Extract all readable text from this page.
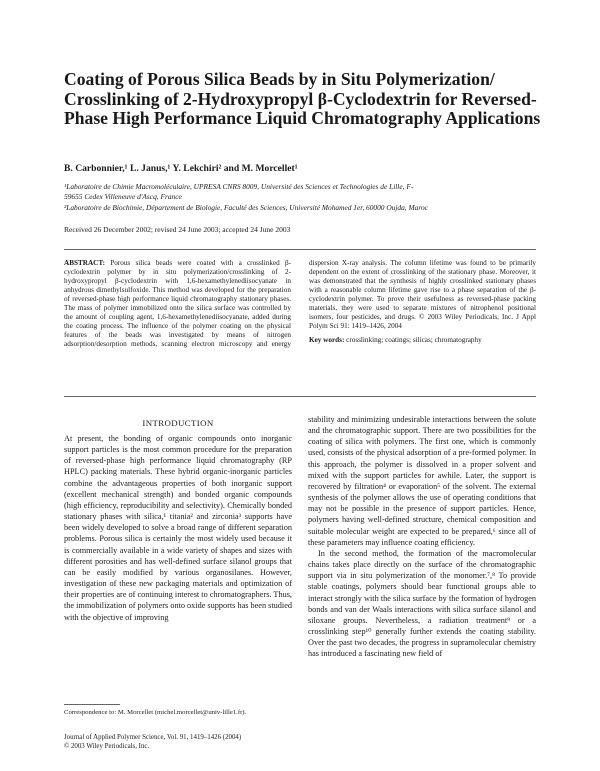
Coating of Porous Silica Beads by in Situ Polymerization/ Crosslinking of 2-Hydroxypropyl β-Cyclodextrin for Reversed-Phase High Performance Liquid Chromatography Applications
B. Carbonnier,¹ L. Janus,¹ Y. Lekchiri² and M. Morcellet¹
¹Laboratoire de Chimie Macromoléculaire, UPRESA CNRS 8009, Université des Sciences et Technologies de Lille, F-
59655 Cedex Villeneuve d'Ascq, France
²Laboratoire de Biochimie, Département de Biologie, Faculté des Sciences, Université Mohamed 1er, 60000 Oujda, Maroc
Received 26 December 2002; revised 24 June 2003; accepted 24 June 2003

ABSTRACT: Porous silica beads were coated with a crosslinked β-cyclodextrin polymer by in situ polymerization/crosslinking of 2-hydroxypropyl β-cyclodextrin with 1,6-hexamethylenediisocyanate in anhydrous dimethylsulfoxide. This method was developed for the preparation of reversed-phase high performance liquid chromatography stationary phases. The mass of polymer immobilized onto the silica surface was controlled by the amount of coupling agent, 1,6-hexamethylenediisocyanate, added during the coating process. The influence of the polymer coating on the physical features of the beads was investigated by means of nitrogen adsorption/desorption methods, scanning electron microscopy and energy dispersion X-ray analysis. The column lifetime was found to be primarily dependent on the extent of crosslinking of the stationary phase. Moreover, it was demonstrated that the synthesis of highly crosslinked stationary phases with a reasonable column lifetime gave rise to a phase separation of the β-cyclodextrin polymer. To prove their usefulness as reversed-phase packing materials, they were used to separate mixtures of nitrophenol positional isomers, four pesticides, and drugs. © 2003 Wiley Periodicals, Inc. J Appl Polym Sci 91: 1419–1426, 2004

Key words: crosslinking; coatings; silicas; chromatography
INTRODUCTION

At present, the bonding of organic compounds onto inorganic support particles is the most common procedure for the preparation of reversed-phase high performance liquid chromatography (RP HPLC) packing materials. These hybrid organic-inorganic particles combine the advantageous properties of both inorganic support (excellent mechanical strength) and bonded organic compounds (high efficiency, reproducibility and selectivity). Chemically bonded stationary phases with silica,¹ titania² and zirconia³ supports have been widely developed to solve a broad range of different separation problems. Porous silica is certainly the most widely used because it is commercially available in a wide variety of shapes and sizes with different porosities and has well-defined surface silanol groups that can be easily modified by various organosilanes. However, investigation of these new packaging materials and optimization of their properties are of continuing interest to chromatographers. Thus, the immobilization of polymers onto oxide supports has been studied with the objective of improving

stability and minimizing undesirable interactions between the solute and the chromatographic support. There are two possibilities for the coating of silica with polymers. The first one, which is commonly used, consists of the physical adsorption of a pre-formed polymer. In this approach, the polymer is dissolved in a proper solvent and mixed with the support particles for awhile. Later, the support is recovered by filtration⁴ or evaporation⁵ of the solvent. The external synthesis of the polymer allows the use of operating conditions that may not be possible in the presence of support particles. Hence, polymers having well-defined structure, chemical composition and suitable molecular weight are expected to be prepared,⁶ since all of these parameters may influence coating efficiency.

In the second method, the formation of the macromolecular chains takes place directly on the surface of the chromatographic support via in situ polymerization of the monomer.⁷,⁸ To provide stable coatings, polymers should bear functional groups able to interact strongly with the silica surface by the formation of hydrogen bonds and van der Waals interactions with silica surface silanol and siloxane groups. Nevertheless, a radiation treatment⁹ or a crosslinking step¹⁰ generally further extends the coating stability. Over the past two decades, the progress in supramolecular chemistry has introduced a fascinating new field of

Correspondence to: M. Morcellet (michel.morcellet@univ-lille1.fr).
Journal of Applied Polymer Science, Vol. 91, 1419–1426 (2004)
© 2003 Wiley Periodicals, Inc.
